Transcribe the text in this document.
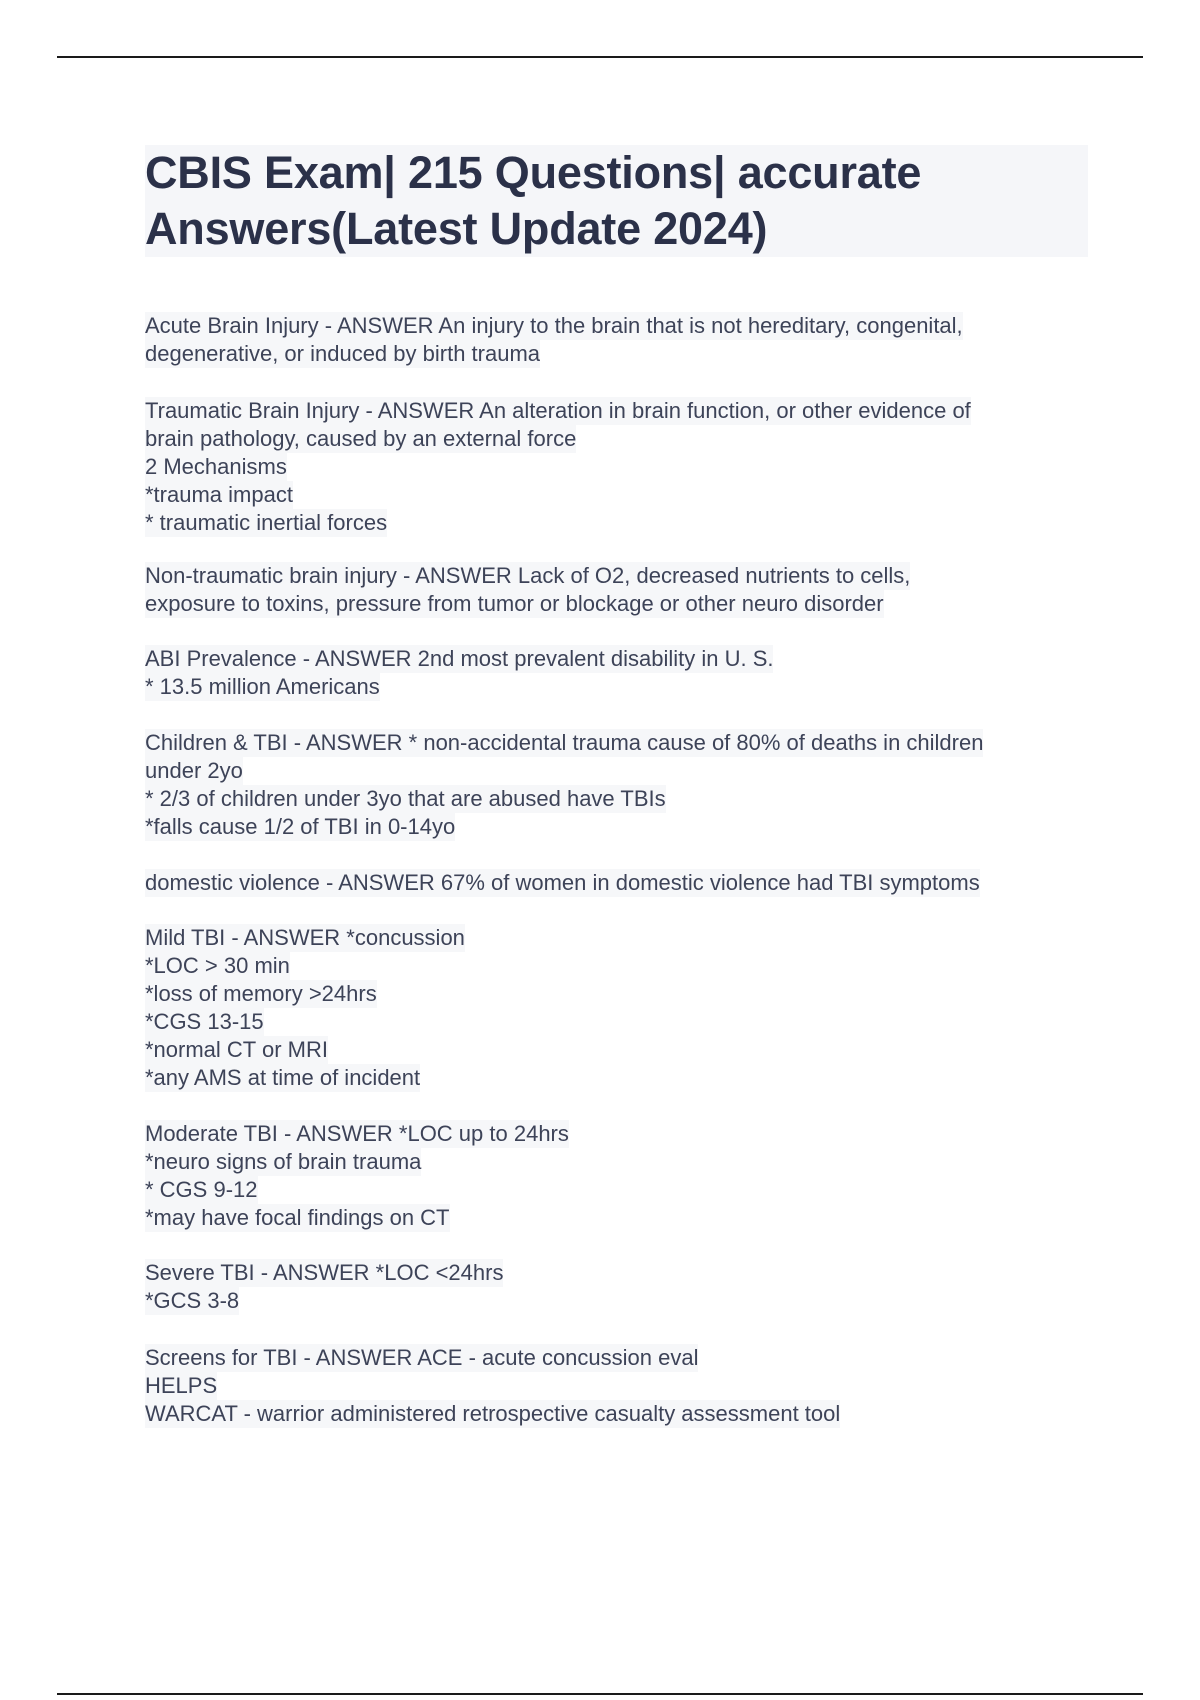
CBIS Exam| 215 Questions| accurate
Answers(Latest Update 2024)
Acute Brain Injury - ANSWER An injury to the brain that is not hereditary, congenital,
degenerative, or induced by birth trauma
Traumatic Brain Injury - ANSWER An alteration in brain function, or other evidence of
brain pathology, caused by an external force
2 Mechanisms
*trauma impact
* traumatic inertial forces
Non-traumatic brain injury - ANSWER Lack of O2, decreased nutrients to cells,
exposure to toxins, pressure from tumor or blockage or other neuro disorder
ABI Prevalence - ANSWER 2nd most prevalent disability in U. S.
* 13.5 million Americans
Children & TBI - ANSWER * non-accidental trauma cause of 80% of deaths in children
under 2yo
* 2/3 of children under 3yo that are abused have TBIs
*falls cause 1/2 of TBI in 0-14yo
domestic violence - ANSWER 67% of women in domestic violence had TBI symptoms
Mild TBI - ANSWER *concussion
*LOC > 30 min
*loss of memory >24hrs
*CGS 13-15
*normal CT or MRI
*any AMS at time of incident
Moderate TBI - ANSWER *LOC up to 24hrs
*neuro signs of brain trauma
* CGS 9-12
*may have focal findings on CT
Severe TBI - ANSWER *LOC <24hrs
*GCS 3-8
Screens for TBI - ANSWER ACE - acute concussion eval
HELPS
WARCAT - warrior administered retrospective casualty assessment tool
